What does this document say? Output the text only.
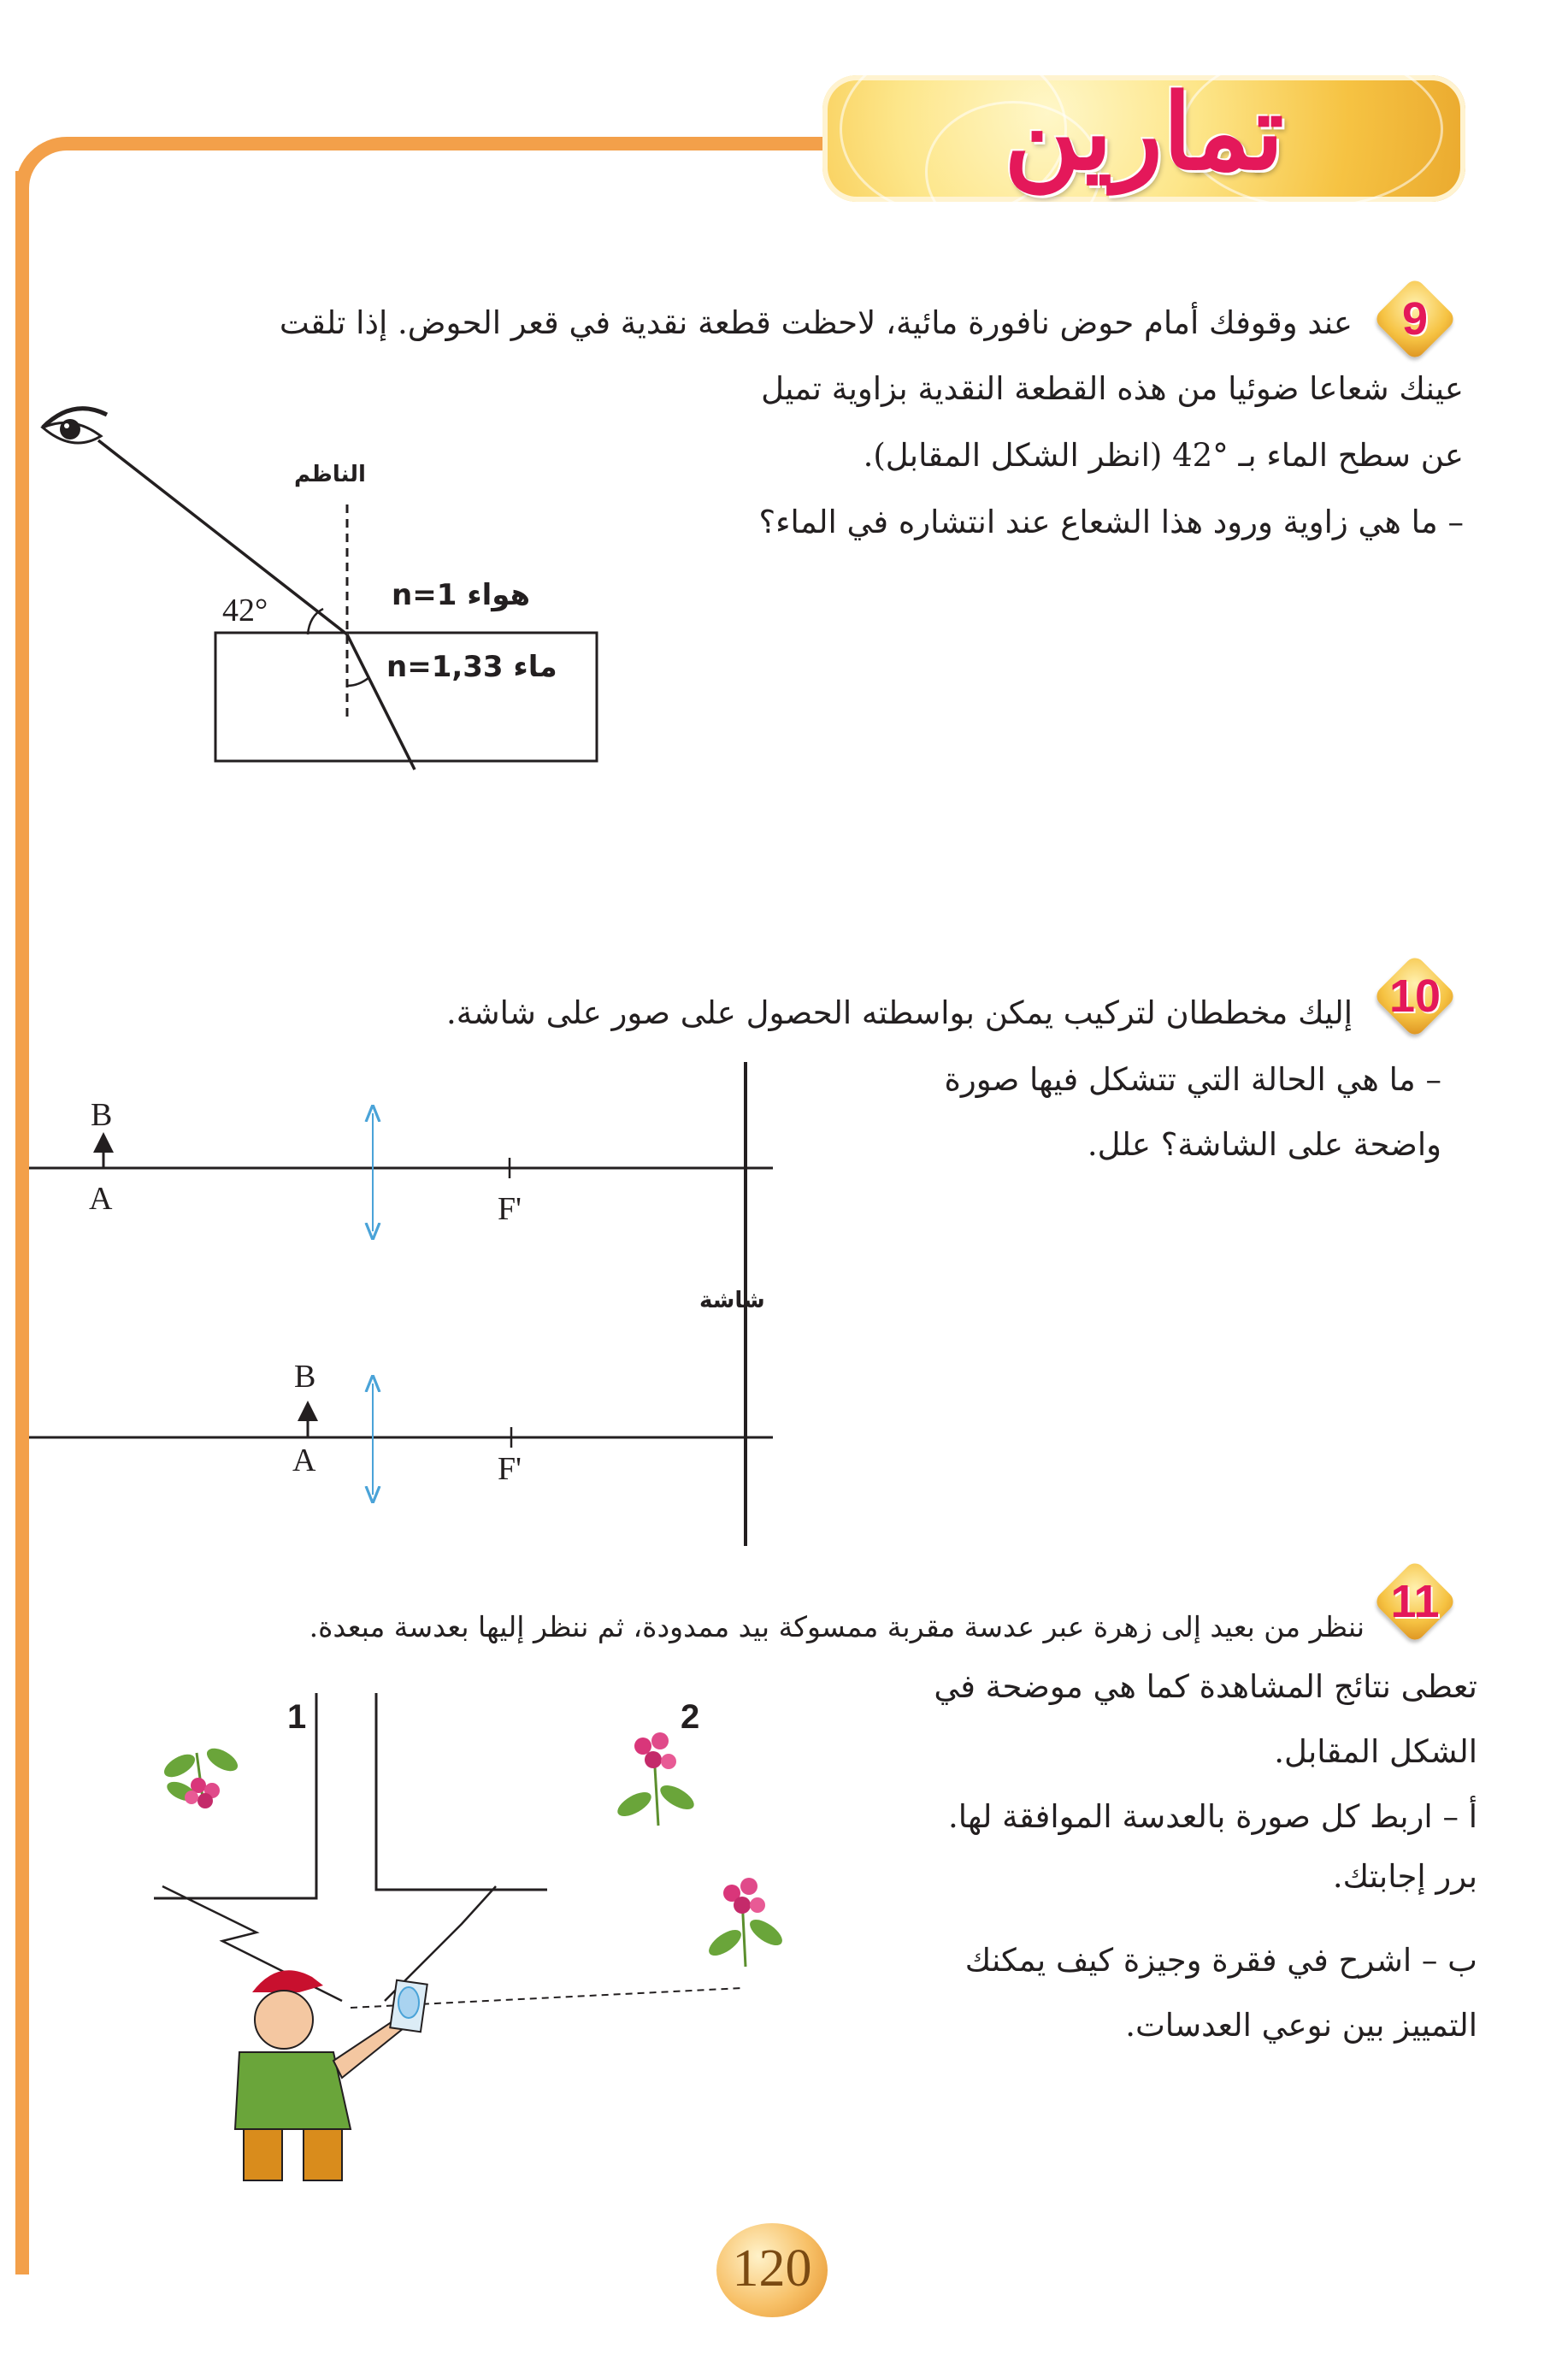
تمارين
9
عند وقوفك أمام حوض نافورة مائية، لاحظت قطعة نقدية في قعر الحوض. إذا تلقت
عينك شعاعا ضوئيا من هذه القطعة النقدية بزاوية تميل
عن سطح الماء بـ °42 (انظر الشكل المقابل).
– ما هي زاوية ورود هذا الشعاع عند انتشاره في الماء؟
الناظم
42°	n=1 هواء
n=1,33 ماء
10
إليك مخططان لتركيب يمكن بواسطته الحصول على صور على شاشة.
– ما هي الحالة التي تتشكل فيها صورة
واضحة على الشاشة؟ علل.
B
A	F'
B
A	F'
شاشة
11
ننظر من بعيد إلى زهرة عبر عدسة مقربة ممسوكة بيد ممدودة، ثم ننظر إليها بعدسة مبعدة.
تعطى نتائج المشاهدة كما هي موضحة في
الشكل المقابل.
أ – اربط كل صورة بالعدسة الموافقة لها.
برر إجابتك.
ب – اشرح في فقرة وجيزة كيف يمكنك
التمييز بين نوعي العدسات.
1	2
120
